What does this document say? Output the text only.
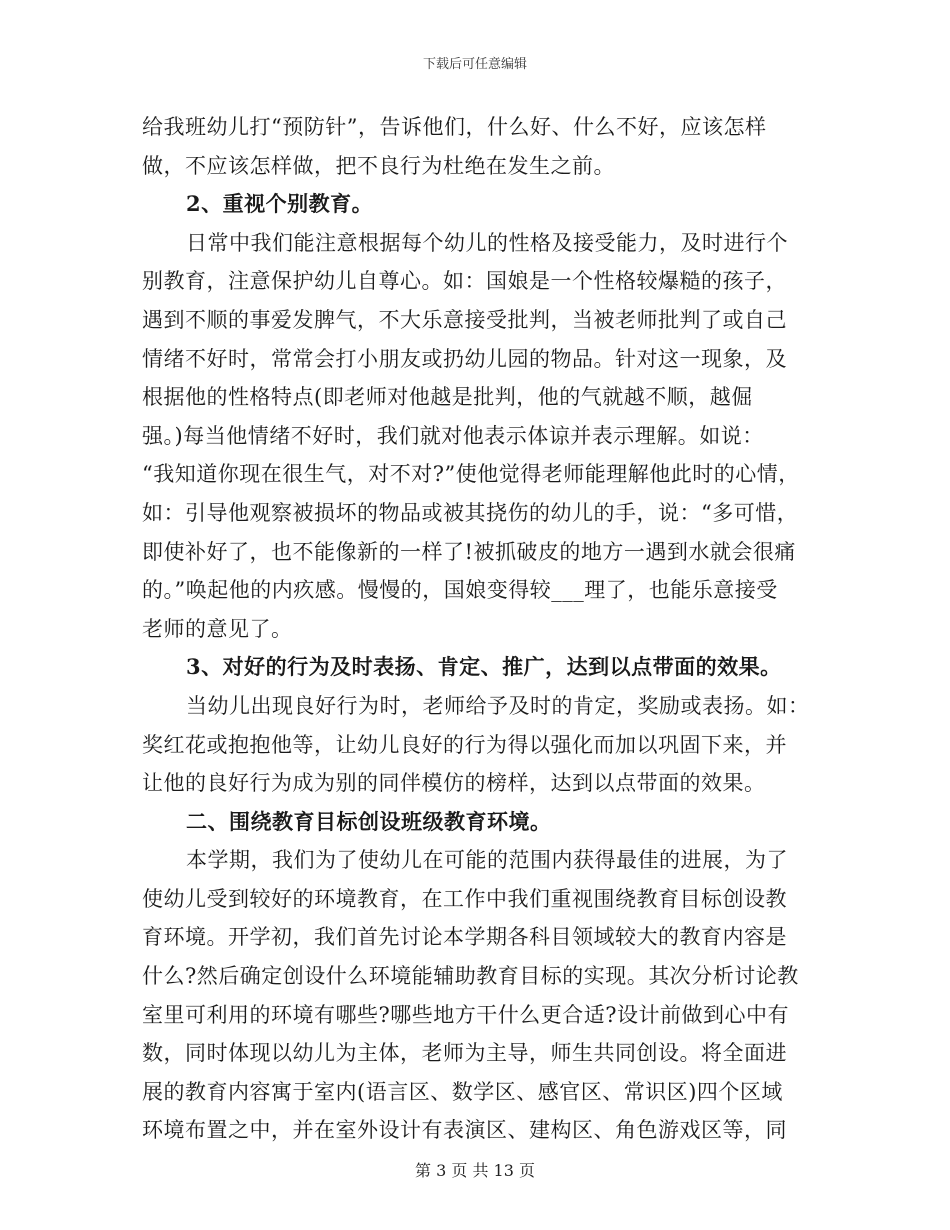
下载后可任意编辑
给我班幼儿打“预防针”，告诉他们，什么好、什么不好，应该怎样
做，不应该怎样做，把不良行为杜绝在发生之前。
2、重视个别教育。
日常中我们能注意根据每个幼儿的性格及接受能力，及时进行个
别教育，注意保护幼儿自尊心。如：国娘是一个性格较爆糙的孩子，
遇到不顺的事爱发脾气，不大乐意接受批判，当被老师批判了或自己
情绪不好时，常常会打小朋友或扔幼儿园的物品。针对这一现象，及
根据他的性格特点(即老师对他越是批判，他的气就越不顺，越倔
强。)每当他情绪不好时，我们就对他表示体谅并表示理解。如说：
“我知道你现在很生气，对不对?”使他觉得老师能理解他此时的心情，
如：引导他观察被损坏的物品或被其挠伤的幼儿的手，说：“多可惜，
即使补好了，也不能像新的一样了!被抓破皮的地方一遇到水就会很痛
的。”唤起他的内疚感。慢慢的，国娘变得较___理了，也能乐意接受
老师的意见了。
3、对好的行为及时表扬、肯定、推广，达到以点带面的效果。
当幼儿出现良好行为时，老师给予及时的肯定，奖励或表扬。如：
奖红花或抱抱他等，让幼儿良好的行为得以强化而加以巩固下来，并
让他的良好行为成为别的同伴模仿的榜样，达到以点带面的效果。
二、围绕教育目标创设班级教育环境。
本学期，我们为了使幼儿在可能的范围内获得最佳的进展，为了
使幼儿受到较好的环境教育，在工作中我们重视围绕教育目标创设教
育环境。开学初，我们首先讨论本学期各科目领域较大的教育内容是
什么?然后确定创设什么环境能辅助教育目标的实现。其次分析讨论教
室里可利用的环境有哪些?哪些地方干什么更合适?设计前做到心中有
数，同时体现以幼儿为主体，老师为主导，师生共同创设。将全面进
展的教育内容寓于室内(语言区、数学区、感官区、常识区)四个区域
环境布置之中，并在室外设计有表演区、建构区、角色游戏区等，同
第 3 页 共 13 页
